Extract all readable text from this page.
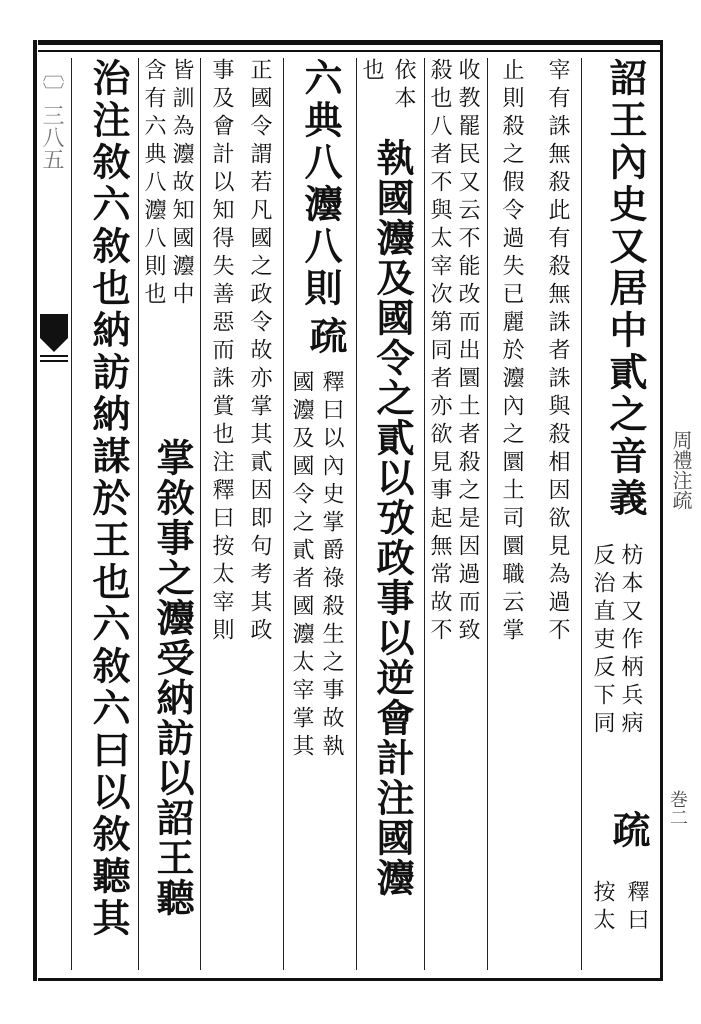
〔〕三八五	詔王內史又居中貳之音義
枋本又作柄兵病
反治直吏反下同
疏
按太 釋曰
宰有誅無殺此有殺無誅者誅與殺相因欲見為過不
止則殺之假令過失已麗於灋內之圜土司圜職云掌
收教罷民又云不能改而出圜土者殺之是因過而致
殺也八者不與太宰次第同者亦欲見事起無常故不
也 依本
執國灋及國令之貳以攷政事以逆會計注國灋
六典八灋八則
釋曰以內史掌爵祿殺生之事故執
國灋及國令之貳者國灋太宰掌其
疏
正國令謂若凡國之政令故亦掌其貳因即句考其政
事及會計以知得失善惡而誅賞也注釋曰按太宰則
皆訓為灋故知國灋中
含有六典八灋八則也
掌敘事之灋受納訪以詔王聽
治注敘六敘也納訪納謀於王也六敘六曰以敘聽其	周禮注疏
巻二
